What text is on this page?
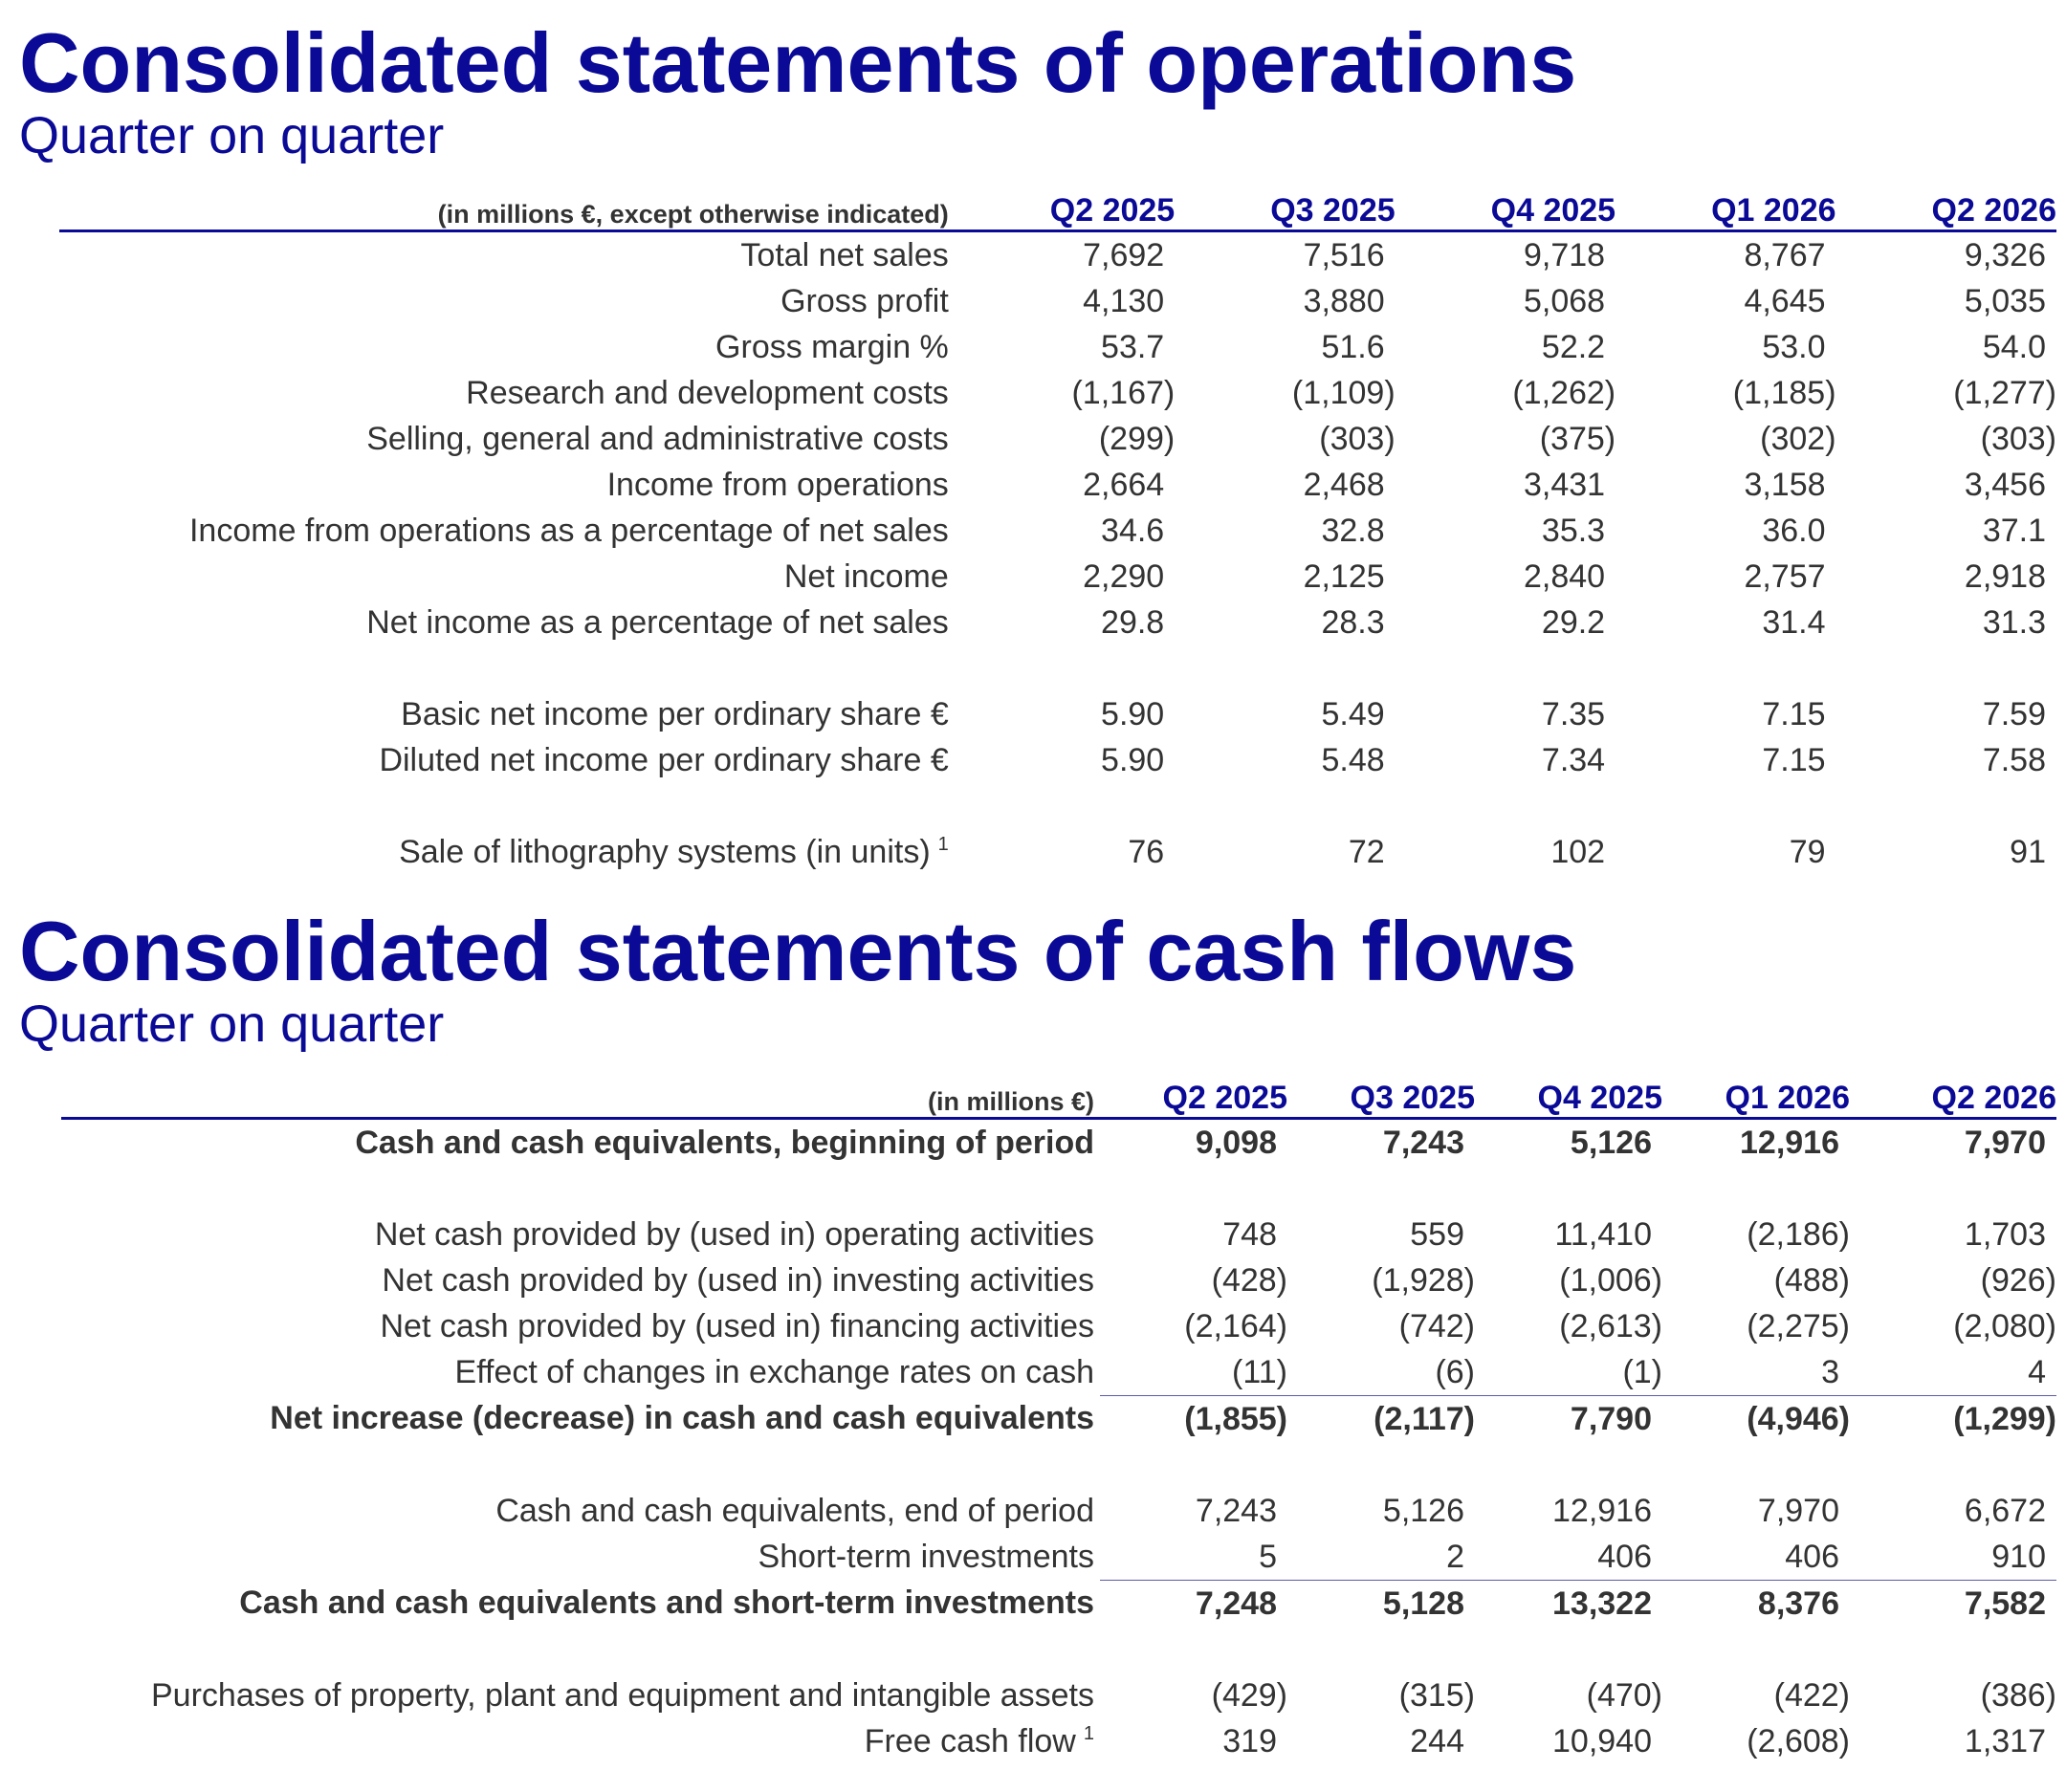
Consolidated statements of operations
Quarter on quarter
(in millions €, except otherwise indicated)	Q2 2025	Q3 2025	Q4 2025	Q1 2026	Q2 2026
Total net sales	7,692	7,516	9,718	8,767	9,326
Gross profit	4,130	3,880	5,068	4,645	5,035
Gross margin %	53.7	51.6	52.2	53.0	54.0
Research and development costs	(1,167)	(1,109)	(1,262)	(1,185)	(1,277)
Selling, general and administrative costs	(299)	(303)	(375)	(302)	(303)
Income from operations	2,664	2,468	3,431	3,158	3,456
Income from operations as a percentage of net sales	34.6	32.8	35.3	36.0	37.1
Net income	2,290	2,125	2,840	2,757	2,918
Net income as a percentage of net sales	29.8	28.3	29.2	31.4	31.3

Basic net income per ordinary share €	5.90	5.49	7.35	7.15	7.59
Diluted net income per ordinary share €	5.90	5.48	7.34	7.15	7.58

Sale of lithography systems (in units) $^1$	76	72	102	79	91
Consolidated statements of cash flows
Quarter on quarter
(in millions €)	Q2 2025	Q3 2025	Q4 2025	Q1 2026	Q2 2026
Cash and cash equivalents, beginning of period	9,098	7,243	5,126	12,916	7,970

Net cash provided by (used in) operating activities	748	559	11,410	(2,186)	1,703
Net cash provided by (used in) investing activities	(428)	(1,928)	(1,006)	(488)	(926)
Net cash provided by (used in) financing activities	(2,164)	(742)	(2,613)	(2,275)	(2,080)
Effect of changes in exchange rates on cash	(11)	(6)	(1)	3	4
Net increase (decrease) in cash and cash equivalents	(1,855)	(2,117)	7,790	(4,946)	(1,299)

Cash and cash equivalents, end of period	7,243	5,126	12,916	7,970	6,672
Short-term investments	5	2	406	406	910
Cash and cash equivalents and short-term investments	7,248	5,128	13,322	8,376	7,582

Purchases of property, plant and equipment and intangible assets	(429)	(315)	(470)	(422)	(386)
Free cash flow $^1$	319	244	10,940	(2,608)	1,317
